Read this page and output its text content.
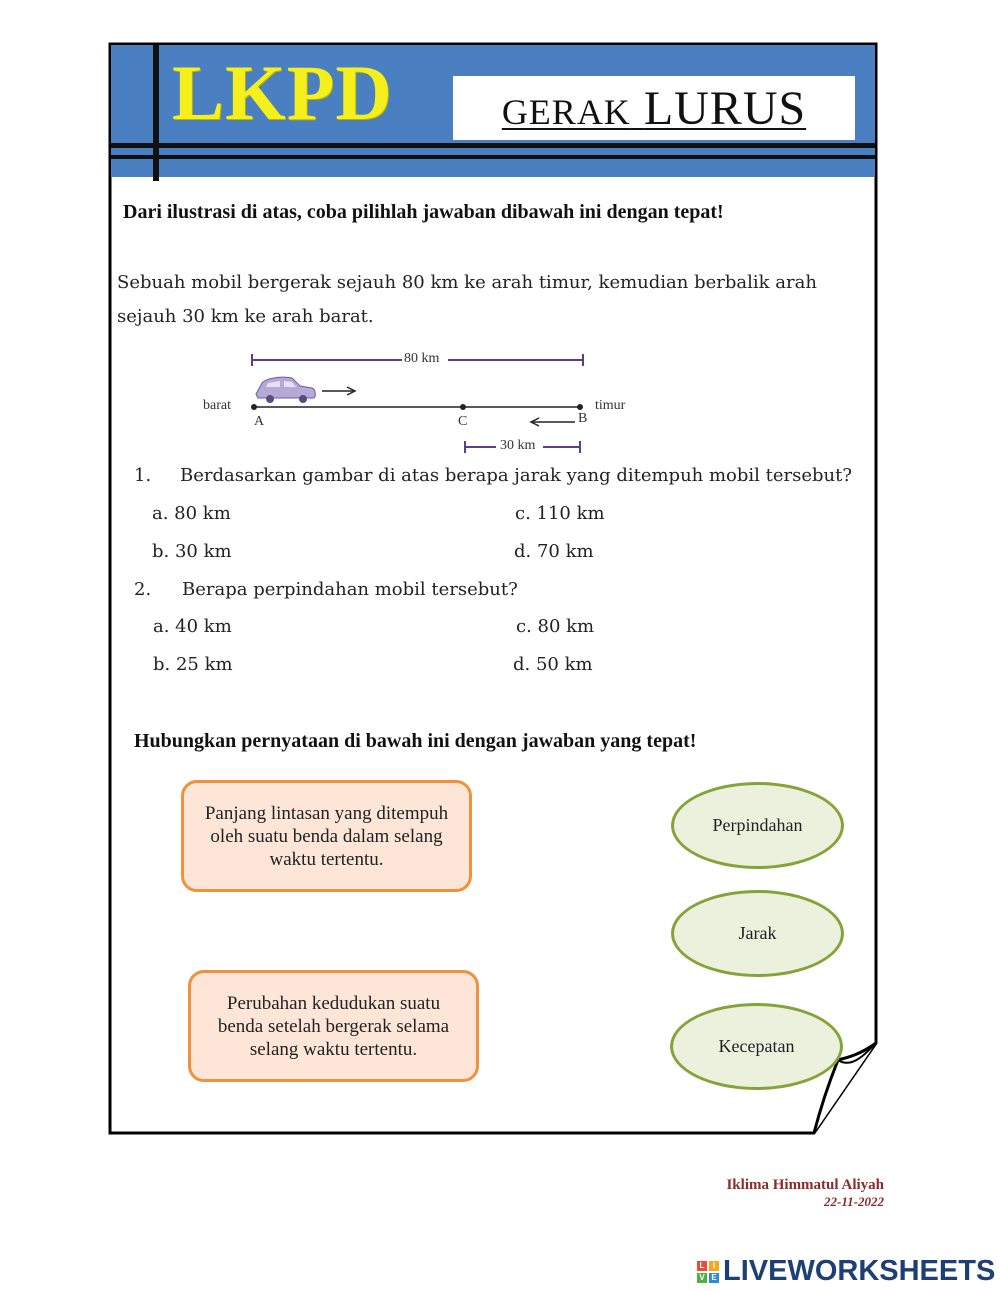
LKPD	GERAK LURUS
Dari ilustrasi di atas, coba pilihlah jawaban dibawah ini dengan tepat!
Sebuah mobil bergerak sejauh 80 km ke arah timur, kemudian berbalik arah sejauh 30 km ke arah barat.
80 km
barat	timur
A	C	B
30 km
1. Berdasarkan gambar di atas berapa jarak yang ditempuh mobil tersebut?
a. 80 km
b. 30 km
c. 110 km
d. 70 km
2. Berapa perpindahan mobil tersebut?
a. 40 km
b. 25 km
c. 80 km
d. 50 km
Hubungkan pernyataan di bawah ini dengan jawaban yang tepat!
Panjang lintasan yang ditempuh oleh suatu benda dalam selang waktu tertentu.
Perubahan kedudukan suatu benda setelah bergerak selama selang waktu tertentu.
Perpindahan
Jarak
Kecepatan
Iklima Himmatul Aliyah
22-11-2022
L	I
V E LIVEWORKSHEETS
